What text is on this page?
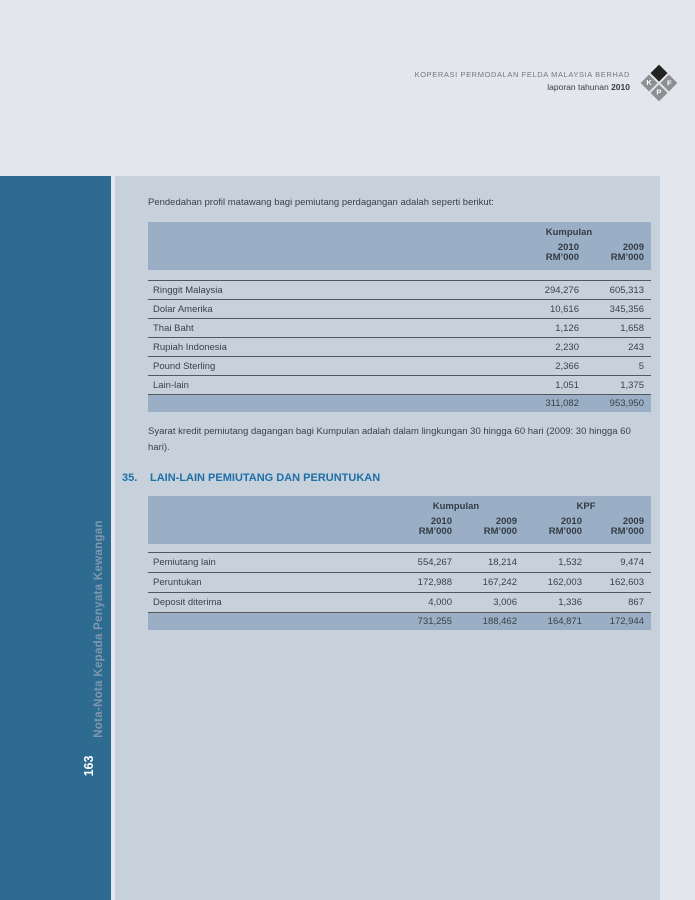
KOPERASI PERMODALAN FELDA MALAYSIA BERHAD
laporan tahunan 2010	F
K
P
Nota-Nota Kepada Penyata Kewangan
163

Pendedahan profil matawang bagi pemiutang perdagangan adalah seperti berikut:

Kumpulan
2010
RM’000
2009
RM’000
Ringgit Malaysia	294,276	605,313
Dolar Amerika	10,616	345,356
Thai Baht	1,126	1,658
Rupiah Indonesia	2,230	243
Pound Sterling	2,366	5
Lain-lain	1,051	1,375
311,082	953,950

Syarat kredit pemiutang dagangan bagi Kumpulan adalah dalam lingkungan 30 hingga 60 hari (2009: 30 hingga 60 hari).

35.	LAIN-LAIN PEMIUTANG DAN PERUNTUKAN
Kumpulan	KPF
2010
RM’000
2009
RM’000
2010
RM’000
2009
RM’000
Pemiutang lain	554,267	18,214	1,532	9,474
Peruntukan	172,988	167,242	162,003	162,603
Deposit diterima	4,000	3,006	1,336	867
731,255	188,462	164,871	172,944
